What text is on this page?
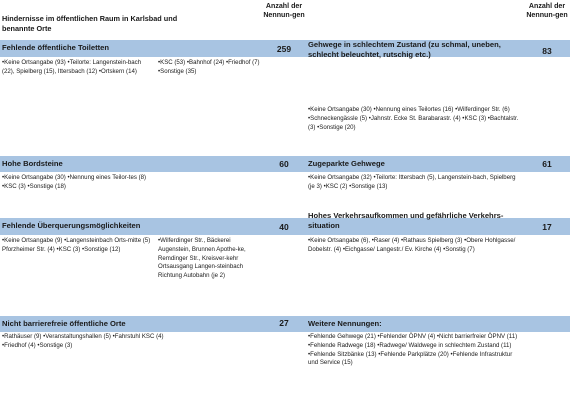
Hindernisse im öffentlichen Raum in Karlsbad und benannte Orte
Anzahl der Nennun-gen
Anzahl der Nennun-gen
Fehlende öffentliche Toiletten	259
•Keine Ortsangabe (93) •Teilorte: Langenstein-bach (22), Spielberg (15), Ittersbach (12) •Ortskern (14)
•KSC (53) •Bahnhof (24) •Friedhof (7) •Sonstige (35)
Gehwege in schlechtem Zustand (zu schmal, uneben, schlecht beleuchtet, rutschig etc.)	83
•Keine Ortsangabe (30) •Nennung eines Teilortes (16) •Wilferdinger Str. (6) •Schneckengässle (5) •Jahnstr. Ecke St. Barabarastr. (4) •KSC (3) •Bachtalstr. (3) •Sonstige (20)
Hohe Bordsteine	60
•Keine Ortsangabe (30) •Nennung eines Teilor-tes (8) •KSC (3) •Sonstige (18)
Zugeparkte Gehwege	61
•Keine Ortsangabe (32) •Teilorte: Ittersbach (5), Langenstein-bach, Spielberg (je 3) •KSC (2) •Sonstige (13)
Fehlende Überquerungsmöglichkeiten	40
•Keine Ortsangabe (9) •Langensteinbach Orts-mitte (5) Pforzheimer Str. (4) •KSC (3) •Sonstige (12)
•Wilferdinger Str., Bäckerei Augenstein, Brunnen Apothe-ke, Remdinger Str., Kreisver-kehr Ortsausgang Langen-steinbach Richtung Autobahn (je 2)
Hohes Verkehrsaufkommen und gefährliche Verkehrs-situation	17
•Keine Ortsangabe (6), •Raser (4) •Rathaus Spielberg (3) •Obere Hohlgasse/ Dobelstr. (4) •Eichgasse/ Langestr./ Ev. Kirche (4) •Sonstig (7)
Nicht barrierefreie öffentliche Orte	27
•Rathäuser (9) •Veranstaltungshallen (5) •Fahrstuhl KSC (4) •Friedhof (4) •Sonstige (3)
Weitere Nennungen:
•Fehlende Gehwege (21) •Fehlender ÖPNV (4) •Nicht barrierfreier ÖPNV (11) •Fehlende Radwege (18) •Radwege/ Waldwege in schlechtem Zustand (11) •Fehlende Sitzbänke (13) •Fehlende Parkplätze (20) •Fehlende Infrastruktur und Service (15)
